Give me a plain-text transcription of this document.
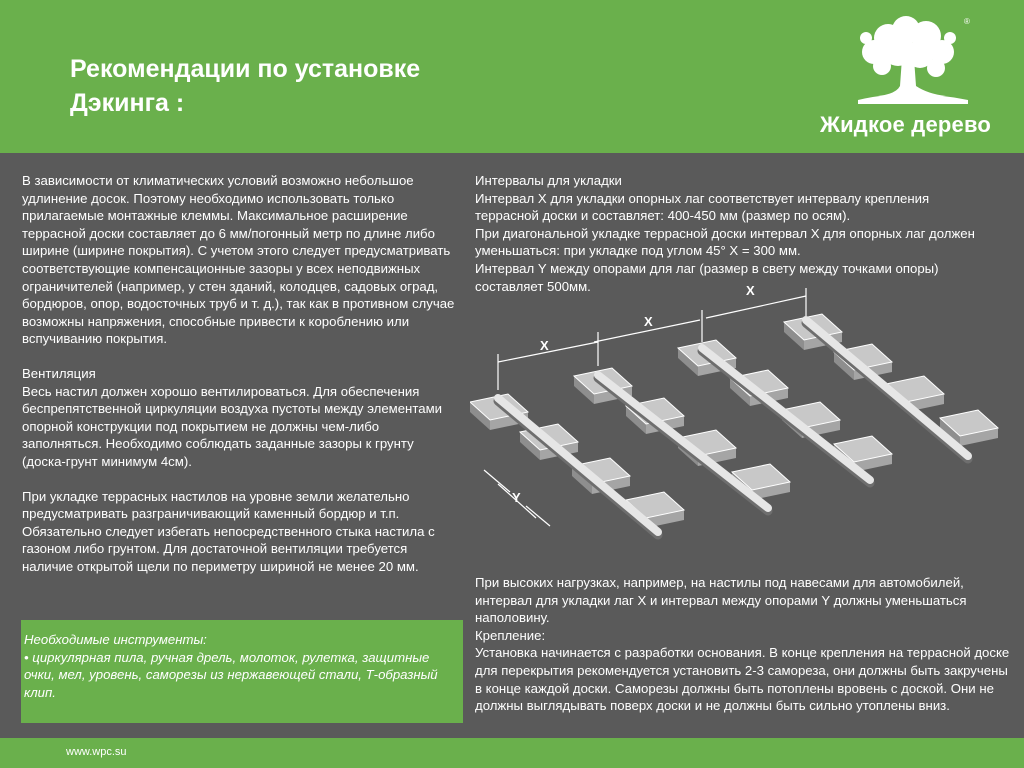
Рекомендации по установке
Дэкинга :
®
Жидкое дерево

В зависимости от климатических условий возможно небольшое удлинение досок. Поэтому необходимо использовать только прилагаемые монтажные клеммы. Максимальное расширение террасной доски составляет до 6 мм/погонный метр по длине либо ширине (ширине покрытия). С учетом этого следует предусматривать соответствующие компенсационные зазоры у всех неподвижных ограничителей (например, у стен зданий, колодцев, садовых оград, бордюров, опор, водосточных труб и т. д.), так как в противном случае возможны напряжения, способные привести к короблению или вспучиванию покрытия.

Вентиляция
Весь настил должен хорошо вентилироваться. Для обеспечения беспрепятственной циркуляции воздуха пустоты между элементами опорной конструкции под покрытием не должны чем-либо заполняться. Необходимо соблюдать заданные зазоры к грунту (доска-грунт минимум 4см).

При укладке террасных настилов на уровне земли желательно предусматривать разграничивающий каменный бордюр и т.п. Обязательно следует избегать непосредственного стыка настила с газоном либо грунтом. Для достаточной вентиляции требуется наличие открытой щели по периметру шириной не менее 20 мм.

Необходимые инструменты:
• циркулярная пила, ручная дрель, молоток, рулетка, защитные очки, мел, уровень, саморезы из нержавеющей стали, Т-образный клип.

Интервалы для укладки

Интервал X для укладки опорных лаг соответствует интервалу крепления террасной доски и составляет: 400-450 мм (размер по осям).

При диагональной укладке террасной доски интервал X для опорных лаг должен уменьшаться: при укладке под углом 45° X = 300 мм.

Интервал Y между опорами для лаг (размер в свету между точками опоры) составляет 500мм.

X
X
X
Y

При высоких нагрузках, например, на настилы под навесами для автомобилей, интервал для укладки лаг X и интервал между опорами Y должны уменьшаться наполовину.

Крепление:

Установка начинается с разработки основания. В конце крепления на террасной доске для перекрытия рекомендуется установить 2-3 самореза, они должны быть закручены в конце каждой доски. Саморезы должны быть потоплены вровень с доской. Они не должны выглядывать поверх доски и не должны быть сильно утоплены вниз.

www.wpc.su
